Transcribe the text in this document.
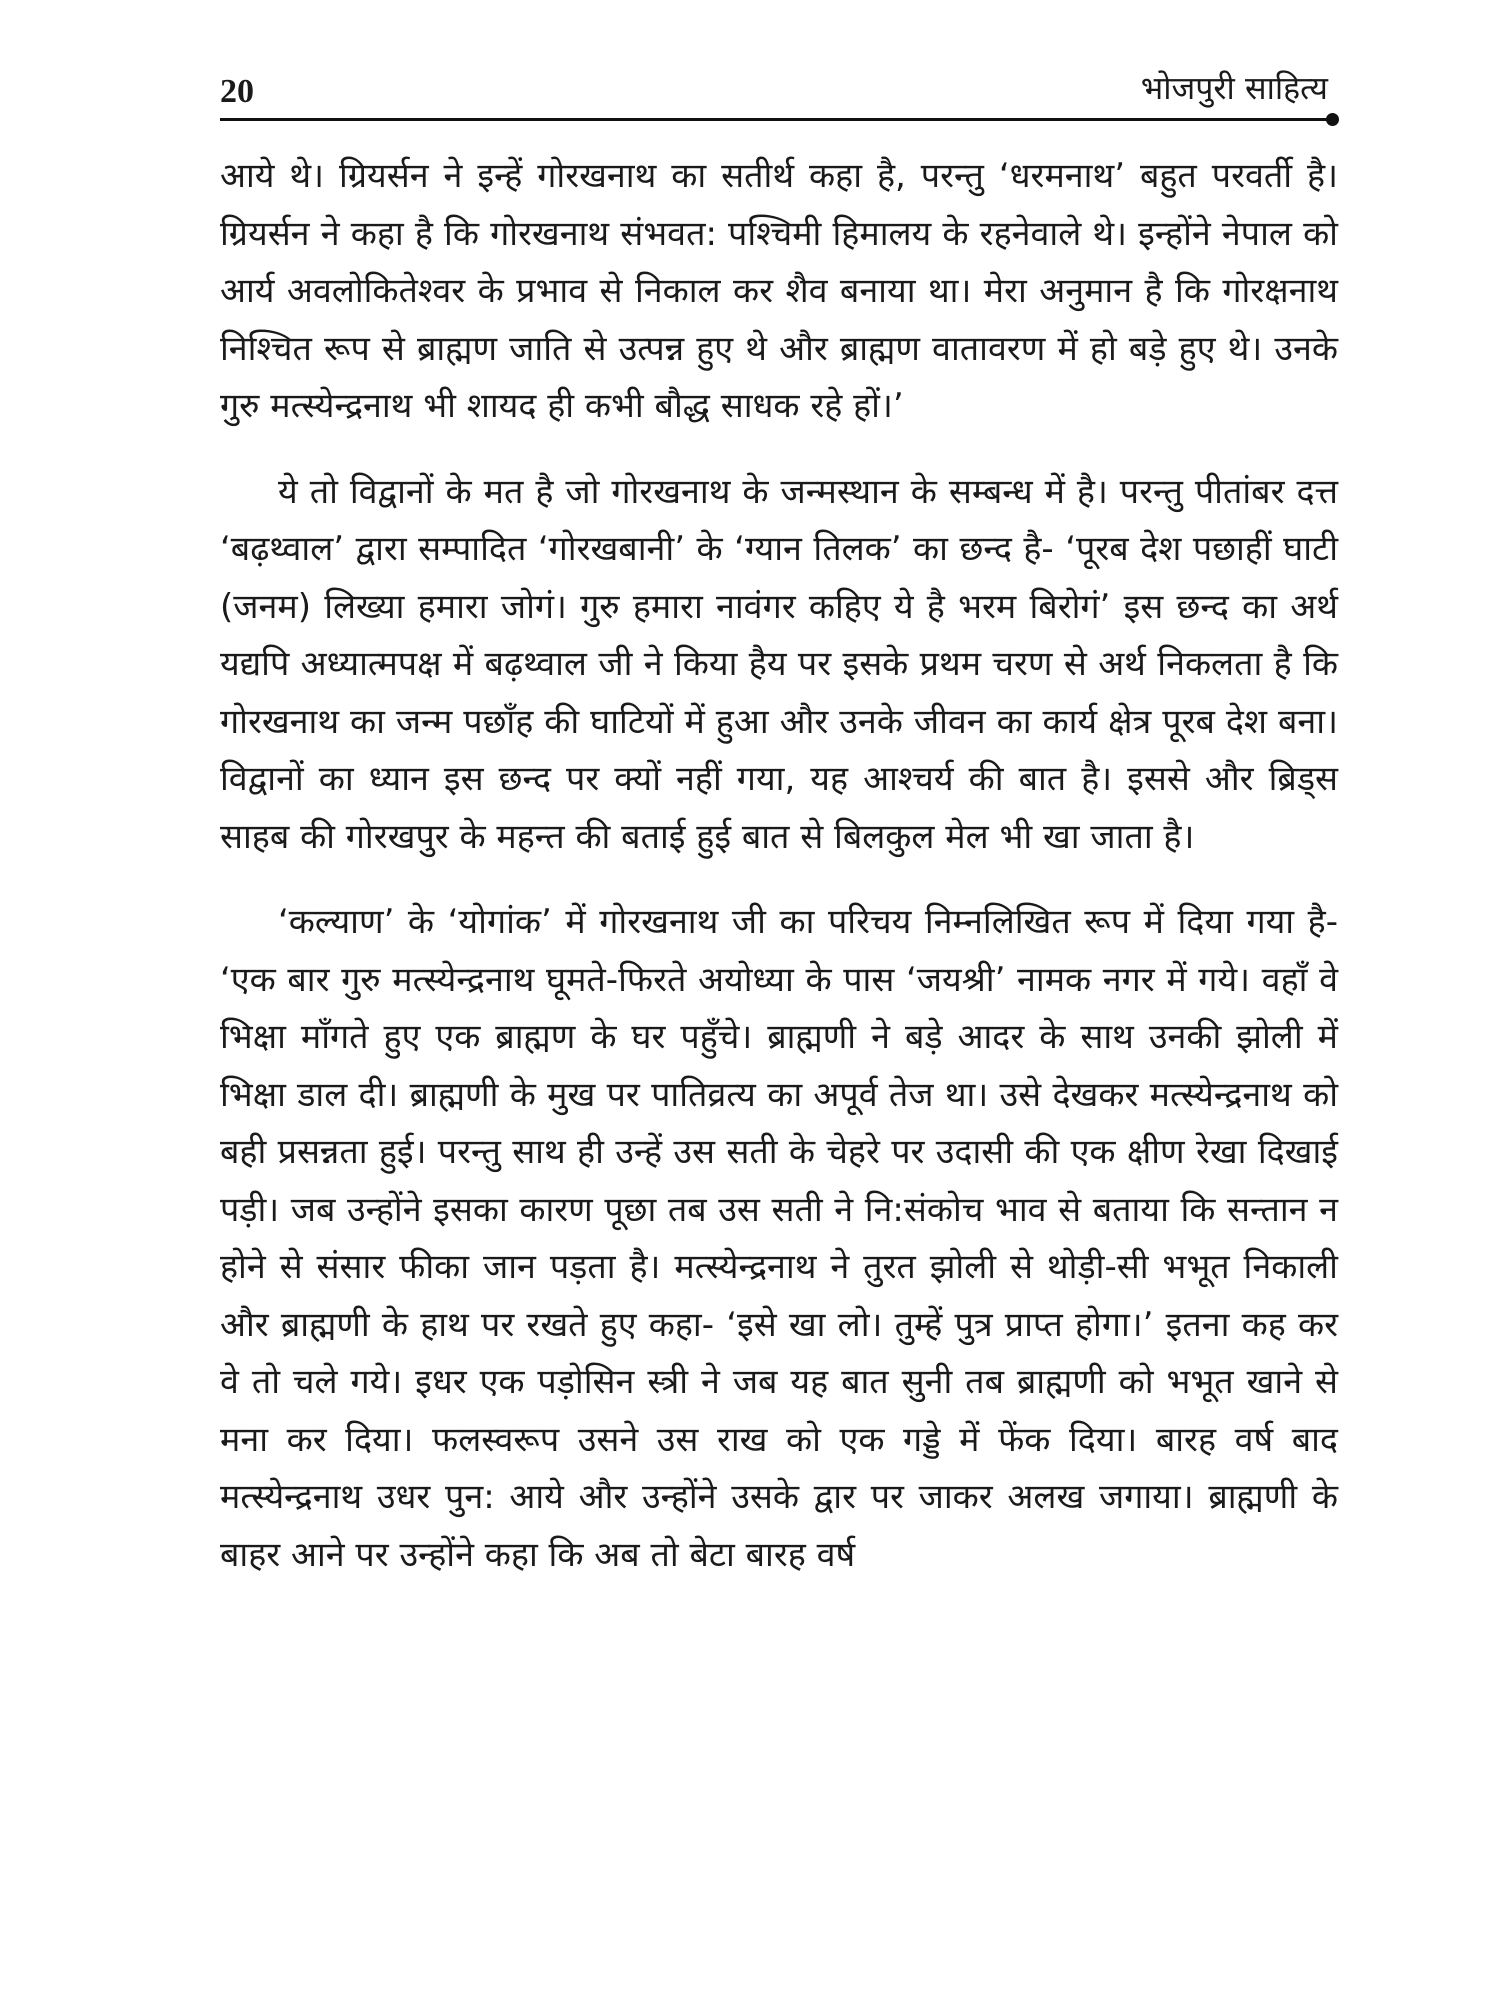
20	भोजपुरी साहित्य

आये थे। ग्रियर्सन ने इन्हें गोरखनाथ का सतीर्थ कहा है, परन्तु ‘धरमनाथ’ बहुत परवर्ती है। ग्रियर्सन ने कहा है कि गोरखनाथ संभवत: पश्चिमी हिमालय के रहनेवाले थे। इन्होंने नेपाल को आर्य अवलोकितेश्वर के प्रभाव से निकाल कर शैव बनाया था। मेरा अनुमान है कि गोरक्षनाथ निश्चित रूप से ब्राह्मण जाति से उत्पन्न हुए थे और ब्राह्मण वातावरण में हो बड़े हुए थे। उनके गुरु मत्स्येन्द्रनाथ भी शायद ही कभी बौद्ध साधक रहे हों।’

ये तो विद्वानों के मत है जो गोरखनाथ के जन्मस्थान के सम्बन्ध में है। परन्तु पीतांबर दत्त ‘बढ़थ्वाल’ द्वारा सम्पादित ‘गोरखबानी’ के ‘ग्यान तिलक’ का छन्द है- ‘पूरब देश पछाहीं घाटी (जनम) लिख्या हमारा जोगं। गुरु हमारा नावंगर कहिए ये है भरम बिरोगं’ इस छन्द का अर्थ यद्यपि अध्यात्मपक्ष में बढ़थ्वाल जी ने किया हैय पर इसके प्रथम चरण से अर्थ निकलता है कि गोरखनाथ का जन्म पछाँह की घाटियों में हुआ और उनके जीवन का कार्य क्षेत्र पूरब देश बना। विद्वानों का ध्यान इस छन्द पर क्यों नहीं गया, यह आश्चर्य की बात है। इससे और ब्रिड्स साहब की गोरखपुर के महन्त की बताई हुई बात से बिलकुल मेल भी खा जाता है।

‘कल्याण’ के ‘योगांक’ में गोरखनाथ जी का परिचय निम्नलिखित रूप में दिया गया है- ‘एक बार गुरु मत्स्येन्द्रनाथ घूमते-फिरते अयोध्या के पास ‘जयश्री’ नामक नगर में गये। वहाँ वे भिक्षा माँगते हुए एक ब्राह्मण के घर पहुँचे। ब्राह्मणी ने बड़े आदर के साथ उनकी झोली में भिक्षा डाल दी। ब्राह्मणी के मुख पर पातिव्रत्य का अपूर्व तेज था। उसे देखकर मत्स्येन्द्रनाथ को बही प्रसन्नता हुई। परन्तु साथ ही उन्हें उस सती के चेहरे पर उदासी की एक क्षीण रेखा दिखाई पड़ी। जब उन्होंने इसका कारण पूछा तब उस सती ने नि:संकोच भाव से बताया कि सन्तान न होने से संसार फीका जान पड़ता है। मत्स्येन्द्रनाथ ने तुरत झोली से थोड़ी-सी भभूत निकाली और ब्राह्मणी के हाथ पर रखते हुए कहा- ‘इसे खा लो। तुम्हें पुत्र प्राप्त होगा।’ इतना कह कर वे तो चले गये। इधर एक पड़ोसिन स्त्री ने जब यह बात सुनी तब ब्राह्मणी को भभूत खाने से मना कर दिया। फलस्वरूप उसने उस राख को एक गड्डे में फेंक दिया। बारह वर्ष बाद मत्स्येन्द्रनाथ उधर पुन: आये और उन्होंने उसके द्वार पर जाकर अलख जगाया। ब्राह्मणी के बाहर आने पर उन्होंने कहा कि अब तो बेटा बारह वर्ष
